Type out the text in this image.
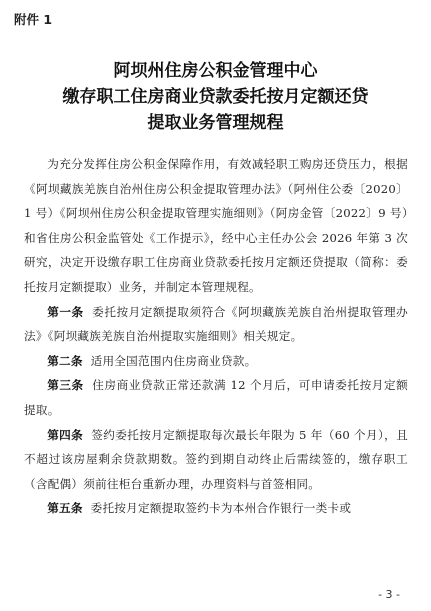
附件 1
阿坝州住房公积金管理中心
缴存职工住房商业贷款委托按月定额还贷
提取业务管理规程

为充分发挥住房公积金保障作用，有效减轻职工购房还贷压力，根据《阿坝藏族羌族自治州住房公积金提取管理办法》（阿州住公委〔2020〕1 号）《阿坝州住房公积金提取管理实施细则》（阿房金管〔2022〕9 号）和省住房公积金监管处《工作提示》，经中心主任办公会 2026 年第 3 次研究，决定开设缴存职工住房商业贷款委托按月定额还贷提取（简称：委托按月定额提取）业务，并制定本管理规程。

第一条 委托按月定额提取须符合《阿坝藏族羌族自治州提取管理办法》《阿坝藏族羌族自治州提取实施细则》相关规定。

第二条 适用全国范围内住房商业贷款。

第三条 住房商业贷款正常还款满 12 个月后，可申请委托按月定额提取。

第四条 签约委托按月定额提取每次最长年限为 5 年（60 个月），且不超过该房屋剩余贷款期数。签约到期自动终止后需续签的，缴存职工（含配偶）须前往柜台重新办理，办理资料与首签相同。

第五条 委托按月定额提取签约卡为本州合作银行一类卡或

- 3 -
